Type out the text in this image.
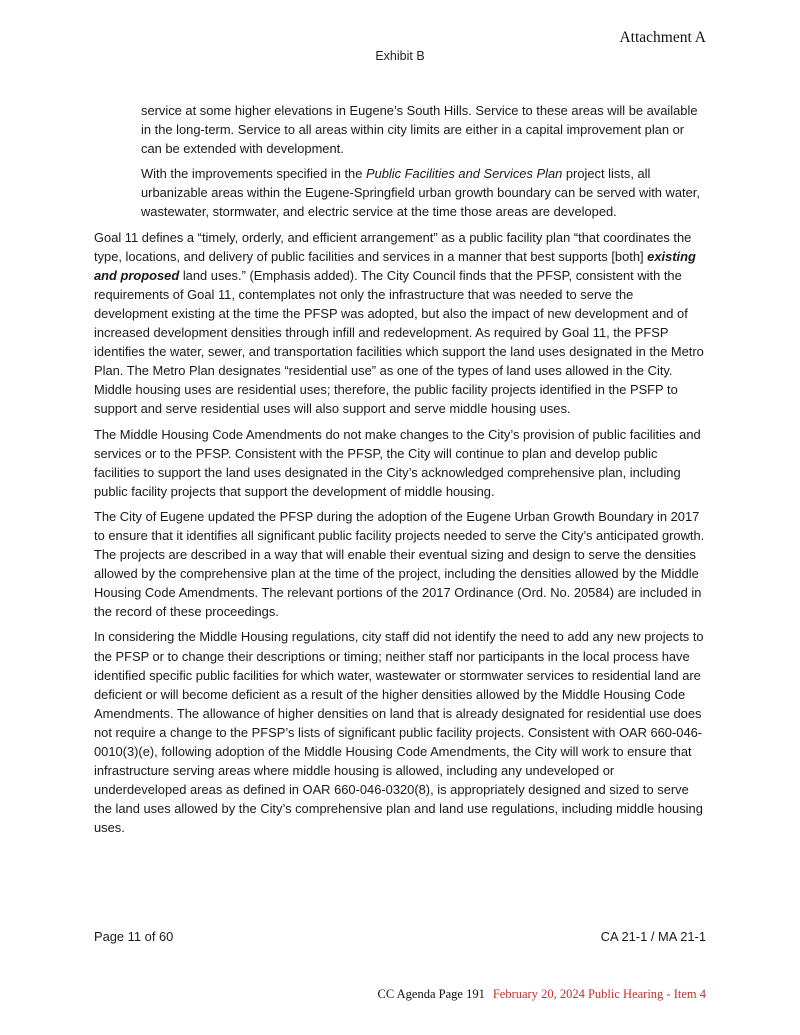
Attachment A
Exhibit B

service at some higher elevations in Eugene’s South Hills. Service to these areas will be available in the long-term. Service to all areas within city limits are either in a capital improvement plan or can be extended with development.

With the improvements specified in the Public Facilities and Services Plan project lists, all urbanizable areas within the Eugene-Springfield urban growth boundary can be served with water, wastewater, stormwater, and electric service at the time those areas are developed.

Goal 11 defines a “timely, orderly, and efficient arrangement” as a public facility plan “that coordinates the type, locations, and delivery of public facilities and services in a manner that best supports [both] existing and proposed land uses.” (Emphasis added). The City Council finds that the PFSP, consistent with the requirements of Goal 11, contemplates not only the infrastructure that was needed to serve the development existing at the time the PFSP was adopted, but also the impact of new development and of increased development densities through infill and redevelopment. As required by Goal 11, the PFSP identifies the water, sewer, and transportation facilities which support the land uses designated in the Metro Plan. The Metro Plan designates “residential use” as one of the types of land uses allowed in the City. Middle housing uses are residential uses; therefore, the public facility projects identified in the PSFP to support and serve residential uses will also support and serve middle housing uses.

The Middle Housing Code Amendments do not make changes to the City’s provision of public facilities and services or to the PFSP. Consistent with the PFSP, the City will continue to plan and develop public facilities to support the land uses designated in the City’s acknowledged comprehensive plan, including public facility projects that support the development of middle housing.

The City of Eugene updated the PFSP during the adoption of the Eugene Urban Growth Boundary in 2017 to ensure that it identifies all significant public facility projects needed to serve the City’s anticipated growth. The projects are described in a way that will enable their eventual sizing and design to serve the densities allowed by the comprehensive plan at the time of the project, including the densities allowed by the Middle Housing Code Amendments. The relevant portions of the 2017 Ordinance (Ord. No. 20584) are included in the record of these proceedings.

In considering the Middle Housing regulations, city staff did not identify the need to add any new projects to the PFSP or to change their descriptions or timing; neither staff nor participants in the local process have identified specific public facilities for which water, wastewater or stormwater services to residential land are deficient or will become deficient as a result of the higher densities allowed by the Middle Housing Code Amendments. The allowance of higher densities on land that is already designated for residential use does not require a change to the PFSP’s lists of significant public facility projects. Consistent with OAR 660-046-0010(3)(e), following adoption of the Middle Housing Code Amendments, the City will work to ensure that infrastructure serving areas where middle housing is allowed, including any undeveloped or underdeveloped areas as defined in OAR 660-046-0320(8), is appropriately designed and sized to serve the land uses allowed by the City’s comprehensive plan and land use regulations, including middle housing uses.

Page 11 of 60	CA 21-1 / MA 21-1
CC Agenda Page 191 February 20, 2024 Public Hearing - Item 4
